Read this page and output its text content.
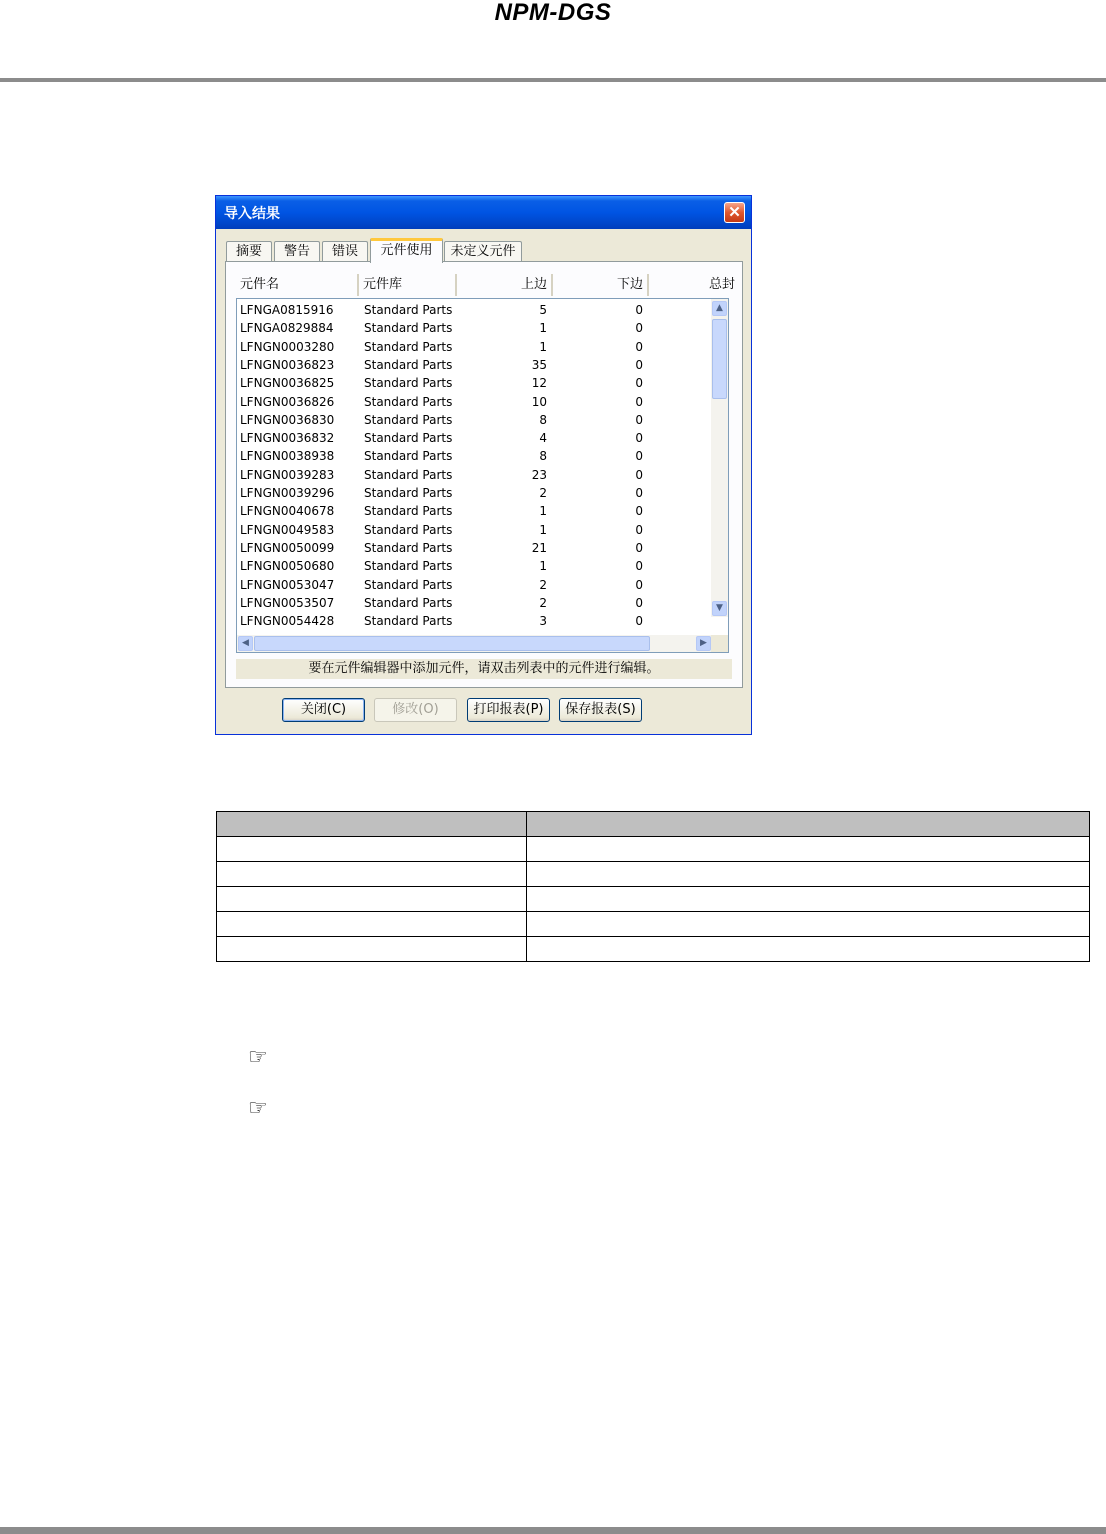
NPM-DGS
导入结果	✕
摘要	警告	错误	元件使用	未定义元件
元件名	元件库	上边	下边	总封
LFNGA0815916	Standard Parts	5	0
LFNGA0829884	Standard Parts	1	0
LFNGN0003280 Standard Parts	1	0
LFNGN0036823 Standard Parts	35	0
LFNGN0036825 Standard Parts	12	0
LFNGN0036826 Standard Parts	10	0
LFNGN0036830 Standard Parts	8	0
LFNGN0036832 Standard Parts	4	0
LFNGN0038938 Standard Parts	8	0
LFNGN0039283 Standard Parts	23	0
LFNGN0039296 Standard Parts	2	0
LFNGN0040678 Standard Parts	1	0
LFNGN0049583 Standard Parts	1	0
LFNGN0050099 Standard Parts	21	0
LFNGN0050680 Standard Parts	1	0
LFNGN0053047 Standard Parts	2	0
LFNGN0053507 Standard Parts	2	0
LFNGN0054428 Standard Parts	3	0
▲
▼
◀	▶
要在元件编辑器中添加元件，请双击列表中的元件进行编辑。
关闭(C)	修改(O)	打印报表(P)	保存报表(S)

☞
☞
